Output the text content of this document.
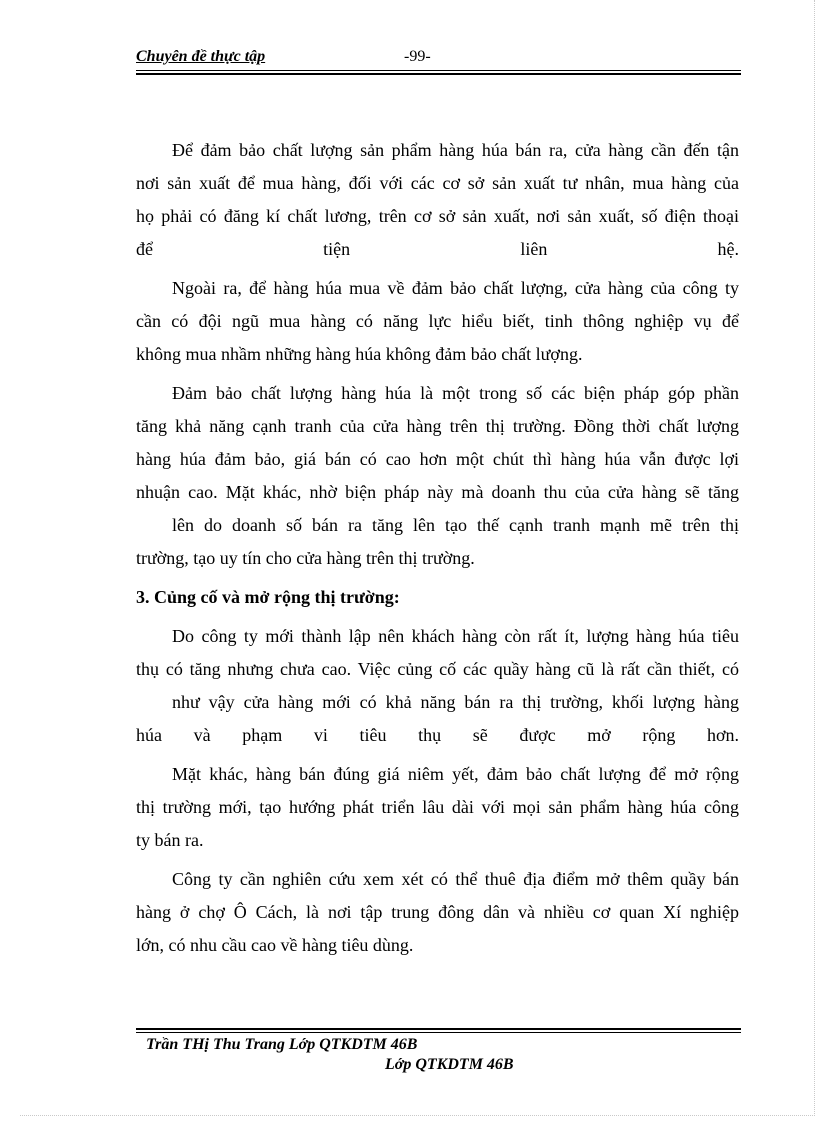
Chuyên đề thực tập	-99-
Để đảm bảo chất lượng sản phẩm hàng húa bán ra, cửa hàng cần đến tận
nơi sản xuất để mua hàng, đối với các cơ sở sản xuất tư nhân, mua hàng của
họ phải có đăng kí chất lương, trên cơ sở sản xuất, nơi sản xuất, số điện thoại
để tiện liên hệ.
Ngoài ra, để hàng húa mua về đảm bảo chất lượng, cửa hàng của công ty
cần có đội ngũ mua hàng có năng lực hiểu biết, tinh thông nghiệp vụ để
không mua nhầm những hàng húa không đảm bảo chất lượng.
Đảm bảo chất lượng hàng húa là một trong số các biện pháp góp phần
tăng khả năng cạnh tranh của cửa hàng trên thị trường. Đồng thời chất lượng
hàng húa đảm bảo, giá bán có cao hơn một chút thì hàng húa vẫn được lợi
nhuận cao. Mặt khác, nhờ biện pháp này mà doanh thu của cửa hàng sẽ tăng
lên do doanh số bán ra tăng lên tạo thế cạnh tranh mạnh mẽ trên thị
trường, tạo uy tín cho cửa hàng trên thị trường.
3. Củng cố và mở rộng thị trường:
Do công ty mới thành lập nên khách hàng còn rất ít, lượng hàng húa tiêu
thụ có tăng nhưng chưa cao. Việc củng cố các quầy hàng cũ là rất cần thiết, có
như vậy cửa hàng mới có khả năng bán ra thị trường, khối lượng hàng
húa và phạm vi tiêu thụ sẽ được mở rộng hơn.
Mặt khác, hàng bán đúng giá niêm yết, đảm bảo chất lượng để mở rộng
thị trường mới, tạo hướng phát triển lâu dài với mọi sản phẩm hàng húa công
ty bán ra.
Công ty cần nghiên cứu xem xét có thể thuê địa điểm mở thêm quầy bán
hàng ở chợ Ô Cách, là nơi tập trung đông dân và nhiều cơ quan Xí nghiệp
lớn, có nhu cầu cao về hàng tiêu dùng.
Trần THị Thu Trang Lớp QTKDTM 46B
Lớp QTKDTM 46B
